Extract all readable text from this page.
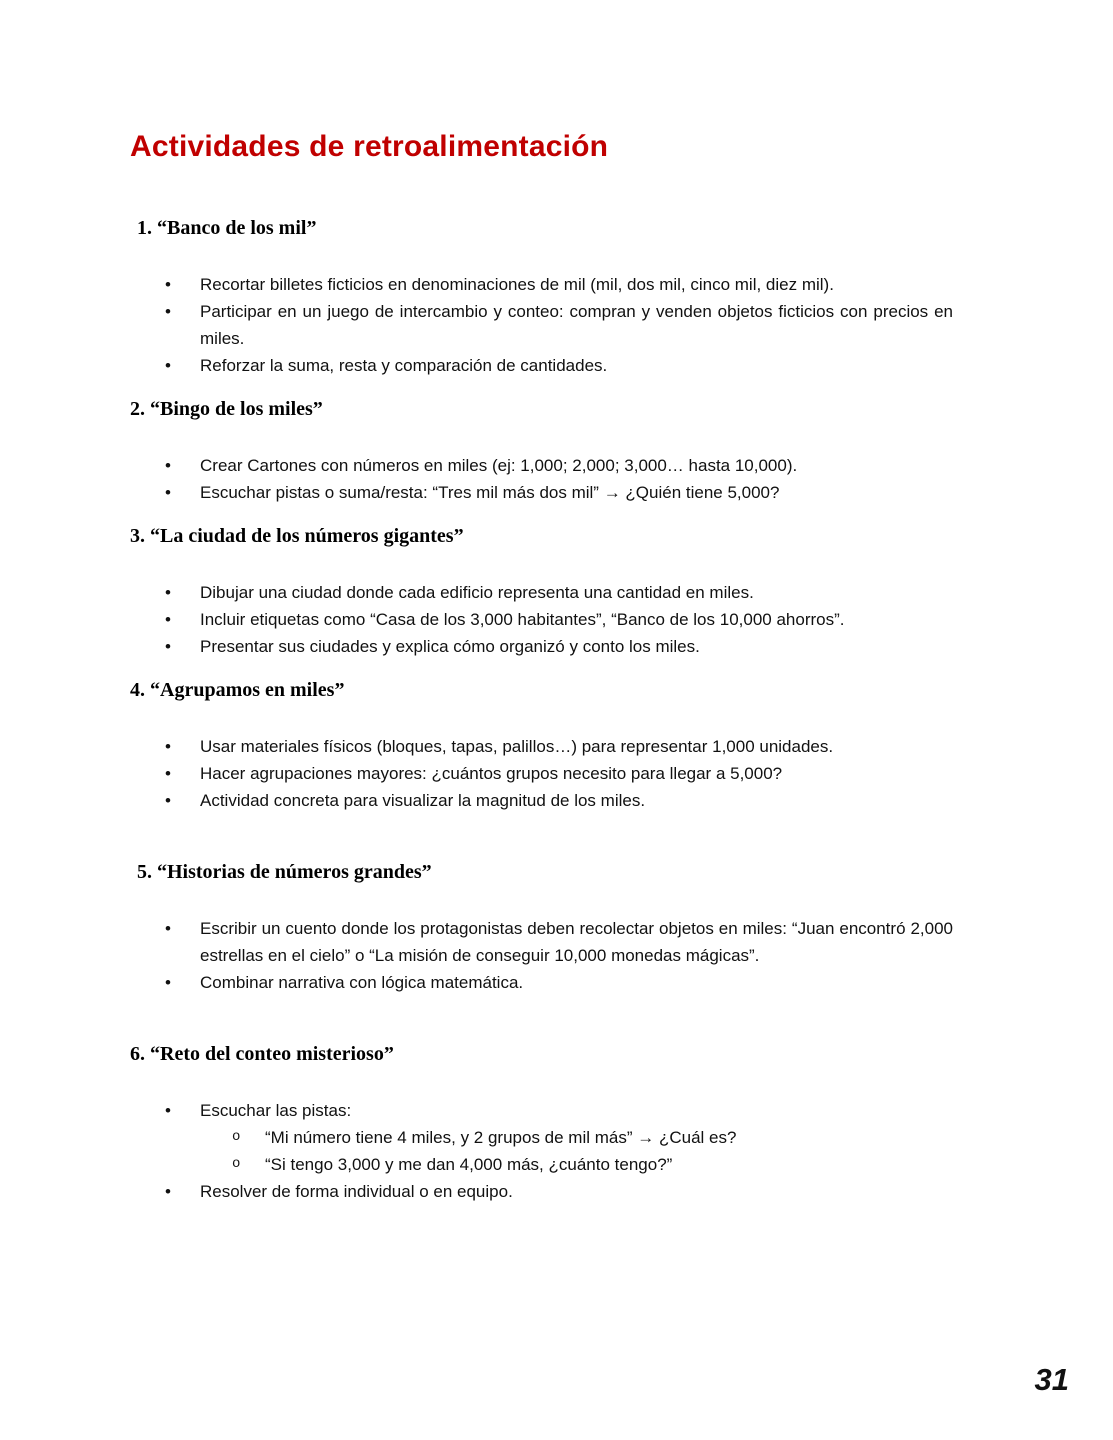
Actividades de retroalimentación
1. “Banco de los mil”
• Recortar billetes ficticios en denominaciones de mil (mil, dos mil, cinco mil, diez mil).
• Participar en un juego de intercambio y conteo: compran y venden objetos ficticios con precios en miles.
• Reforzar la suma, resta y comparación de cantidades.
2. “Bingo de los miles”
• Crear Cartones con números en miles (ej: 1,000; 2,000; 3,000… hasta 10,000).
• Escuchar pistas o suma/resta: “Tres mil más dos mil” → ¿Quién tiene 5,000?
3. “La ciudad de los números gigantes”
• Dibujar una ciudad donde cada edificio representa una cantidad en miles.
• Incluir etiquetas como “Casa de los 3,000 habitantes”, “Banco de los 10,000 ahorros”.
• Presentar sus ciudades y explica cómo organizó y conto los miles.
4. “Agrupamos en miles”
• Usar materiales físicos (bloques, tapas, palillos…) para representar 1,000 unidades.
• Hacer agrupaciones mayores: ¿cuántos grupos necesito para llegar a 5,000?
• Actividad concreta para visualizar la magnitud de los miles.
5. “Historias de números grandes”
• Escribir un cuento donde los protagonistas deben recolectar objetos en miles: “Juan encontró 2,000 estrellas en el cielo” o “La misión de conseguir 10,000 monedas mágicas”.
• Combinar narrativa con lógica matemática.
6. “Reto del conteo misterioso”
• Escuchar las pistas:
o “Mi número tiene 4 miles, y 2 grupos de mil más” → ¿Cuál es?
o “Si tengo 3,000 y me dan 4,000 más, ¿cuánto tengo?”
• Resolver de forma individual o en equipo.
31
